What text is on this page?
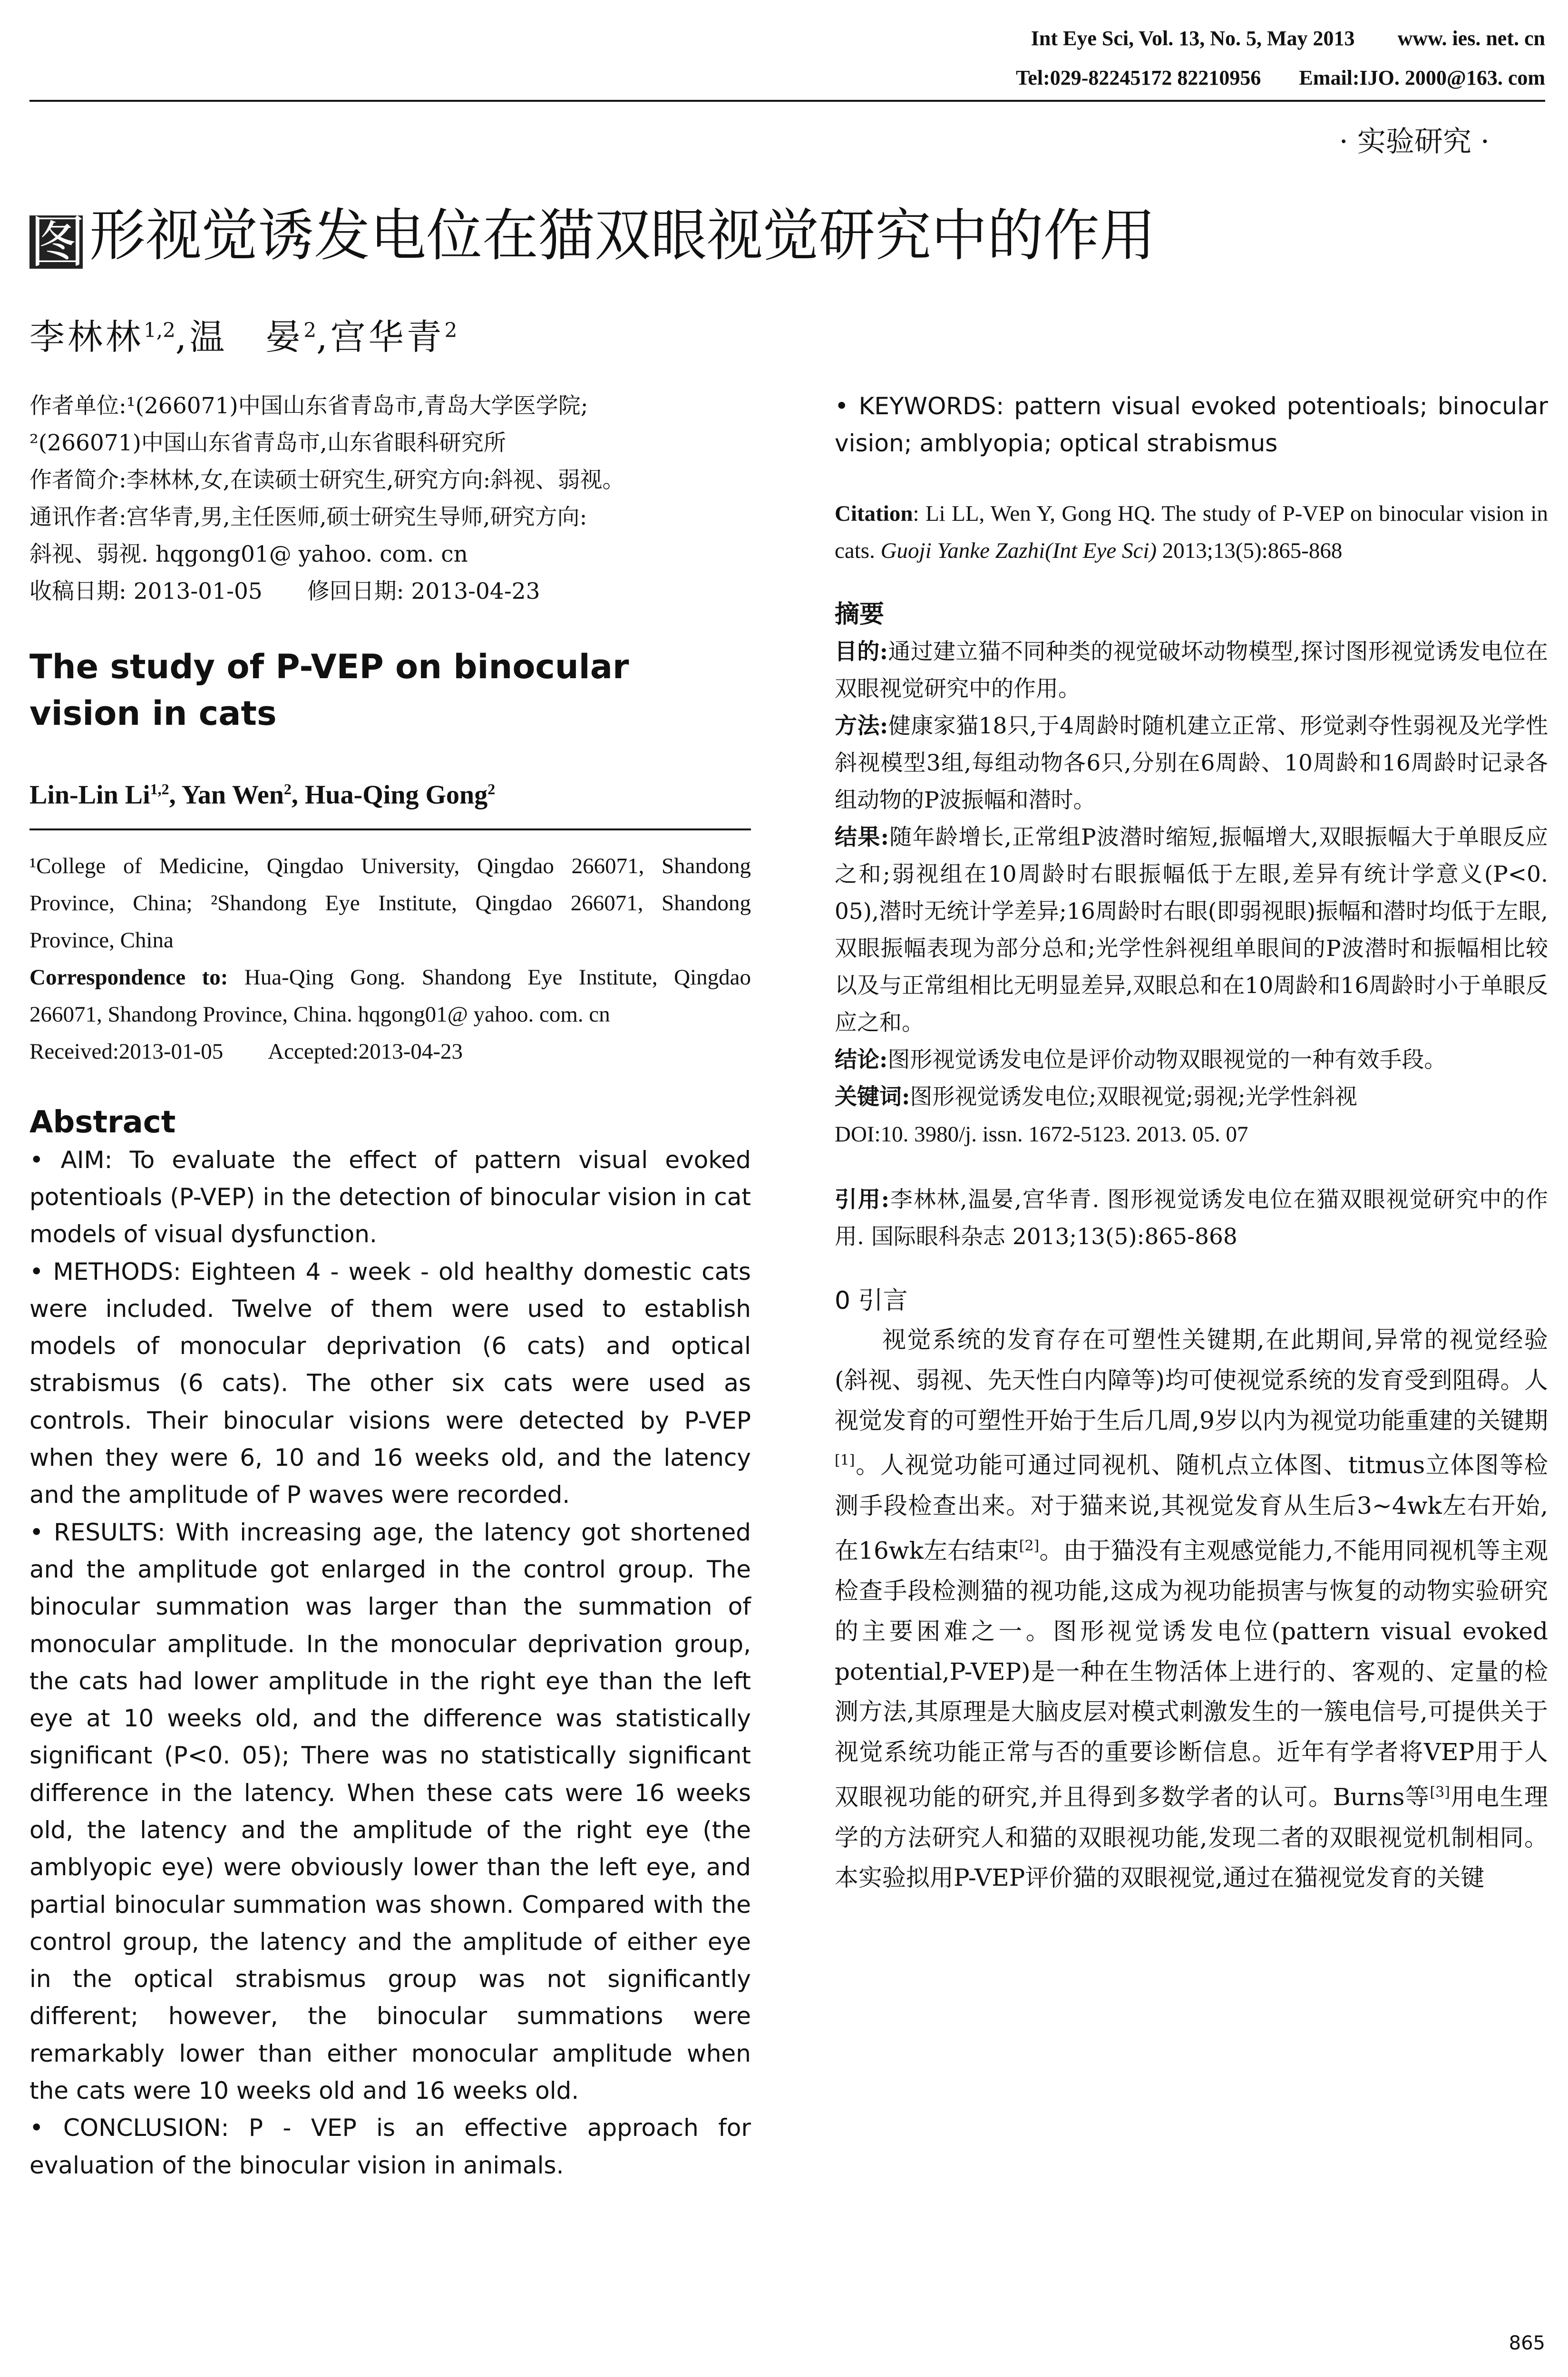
Int Eye Sci, Vol. 13, No. 5, May 2013 www. ies. net. cn
Tel:029-82245172 82210956 Email:IJO. 2000@163. com
· 实验研究 ·
图形视觉诱发电位在猫双眼视觉研究中的作用
李林林$^{1,2}$,温　晏$^2$,宫华青$^2$

作者单位:¹(266071)中国山东省青岛市,青岛大学医学院;

²(266071)中国山东省青岛市,山东省眼科研究所

作者简介:李林林,女,在读硕士研究生,研究方向:斜视、弱视。

通讯作者:宫华青,男,主任医师,硕士研究生导师,研究方向:

斜视、弱视. hqgong01@ yahoo. com. cn

收稿日期: 2013-01-05　　修回日期: 2013-04-23

The study of P-VEP on binocular vision in cats

Lin-Lin Li$^{1,2}$, Yan Wen$^2$, Hua-Qing Gong$^2$

¹College of Medicine, Qingdao University, Qingdao 266071, Shandong Province, China; ²Shandong Eye Institute, Qingdao 266071, Shandong Province, China

Correspondence to: Hua-Qing Gong. Shandong Eye Institute, Qingdao 266071, Shandong Province, China. hqgong01@ yahoo. com. cn

Received:2013-01-05　　Accepted:2013-04-23

Abstract

• AIM: To evaluate the effect of pattern visual evoked potentioals (P-VEP) in the detection of binocular vision in cat models of visual dysfunction.

• METHODS: Eighteen 4 - week - old healthy domestic cats were included. Twelve of them were used to establish models of monocular deprivation (6 cats) and optical strabismus (6 cats). The other six cats were used as controls. Their binocular visions were detected by P-VEP when they were 6, 10 and 16 weeks old, and the latency and the amplitude of P waves were recorded.

• RESULTS: With increasing age, the latency got shortened and the amplitude got enlarged in the control group. The binocular summation was larger than the summation of monocular amplitude. In the monocular deprivation group, the cats had lower amplitude in the right eye than the left eye at 10 weeks old, and the difference was statistically significant (P<0. 05); There was no statistically significant difference in the latency. When these cats were 16 weeks old, the latency and the amplitude of the right eye (the amblyopic eye) were obviously lower than the left eye, and partial binocular summation was shown. Compared with the control group, the latency and the amplitude of either eye in the optical strabismus group was not significantly different; however, the binocular summations were remarkably lower than either monocular amplitude when the cats were 10 weeks old and 16 weeks old.

• CONCLUSION: P - VEP is an effective approach for evaluation of the binocular vision in animals.

• KEYWORDS: pattern visual evoked potentioals; binocular vision; amblyopia; optical strabismus

Citation: Li LL, Wen Y, Gong HQ. The study of P-VEP on binocular vision in cats. Guoji Yanke Zazhi(Int Eye Sci) 2013;13(5):865-868

摘要

目的:通过建立猫不同种类的视觉破坏动物模型,探讨图形视觉诱发电位在双眼视觉研究中的作用。

方法:健康家猫18只,于4周龄时随机建立正常、形觉剥夺性弱视及光学性斜视模型3组,每组动物各6只,分别在6周龄、10周龄和16周龄时记录各组动物的P波振幅和潜时。

结果:随年龄增长,正常组P波潜时缩短,振幅增大,双眼振幅大于单眼反应之和;弱视组在10周龄时右眼振幅低于左眼,差异有统计学意义(P<0. 05),潜时无统计学差异;16周龄时右眼(即弱视眼)振幅和潜时均低于左眼,双眼振幅表现为部分总和;光学性斜视组单眼间的P波潜时和振幅相比较以及与正常组相比无明显差异,双眼总和在10周龄和16周龄时小于单眼反应之和。

结论:图形视觉诱发电位是评价动物双眼视觉的一种有效手段。

关键词:图形视觉诱发电位;双眼视觉;弱视;光学性斜视

DOI:10. 3980/j. issn. 1672-5123. 2013. 05. 07

引用:李林林,温晏,宫华青. 图形视觉诱发电位在猫双眼视觉研究中的作用. 国际眼科杂志 2013;13(5):865-868

0 引言

视觉系统的发育存在可塑性关键期,在此期间,异常的视觉经验(斜视、弱视、先天性白内障等)均可使视觉系统的发育受到阻碍。人视觉发育的可塑性开始于生后几周,9岁以内为视觉功能重建的关键期[1]。人视觉功能可通过同视机、随机点立体图、titmus立体图等检测手段检查出来。对于猫来说,其视觉发育从生后3~4wk左右开始,在16wk左右结束[2]。由于猫没有主观感觉能力,不能用同视机等主观检查手段检测猫的视功能,这成为视功能损害与恢复的动物实验研究的主要困难之一。图形视觉诱发电位(pattern visual evoked potential,P-VEP)是一种在生物活体上进行的、客观的、定量的检测方法,其原理是大脑皮层对模式刺激发生的一簇电信号,可提供关于视觉系统功能正常与否的重要诊断信息。近年有学者将VEP用于人双眼视功能的研究,并且得到多数学者的认可。Burns等[3]用电生理学的方法研究人和猫的双眼视功能,发现二者的双眼视觉机制相同。本实验拟用P-VEP评价猫的双眼视觉,通过在猫视觉发育的关键

865
